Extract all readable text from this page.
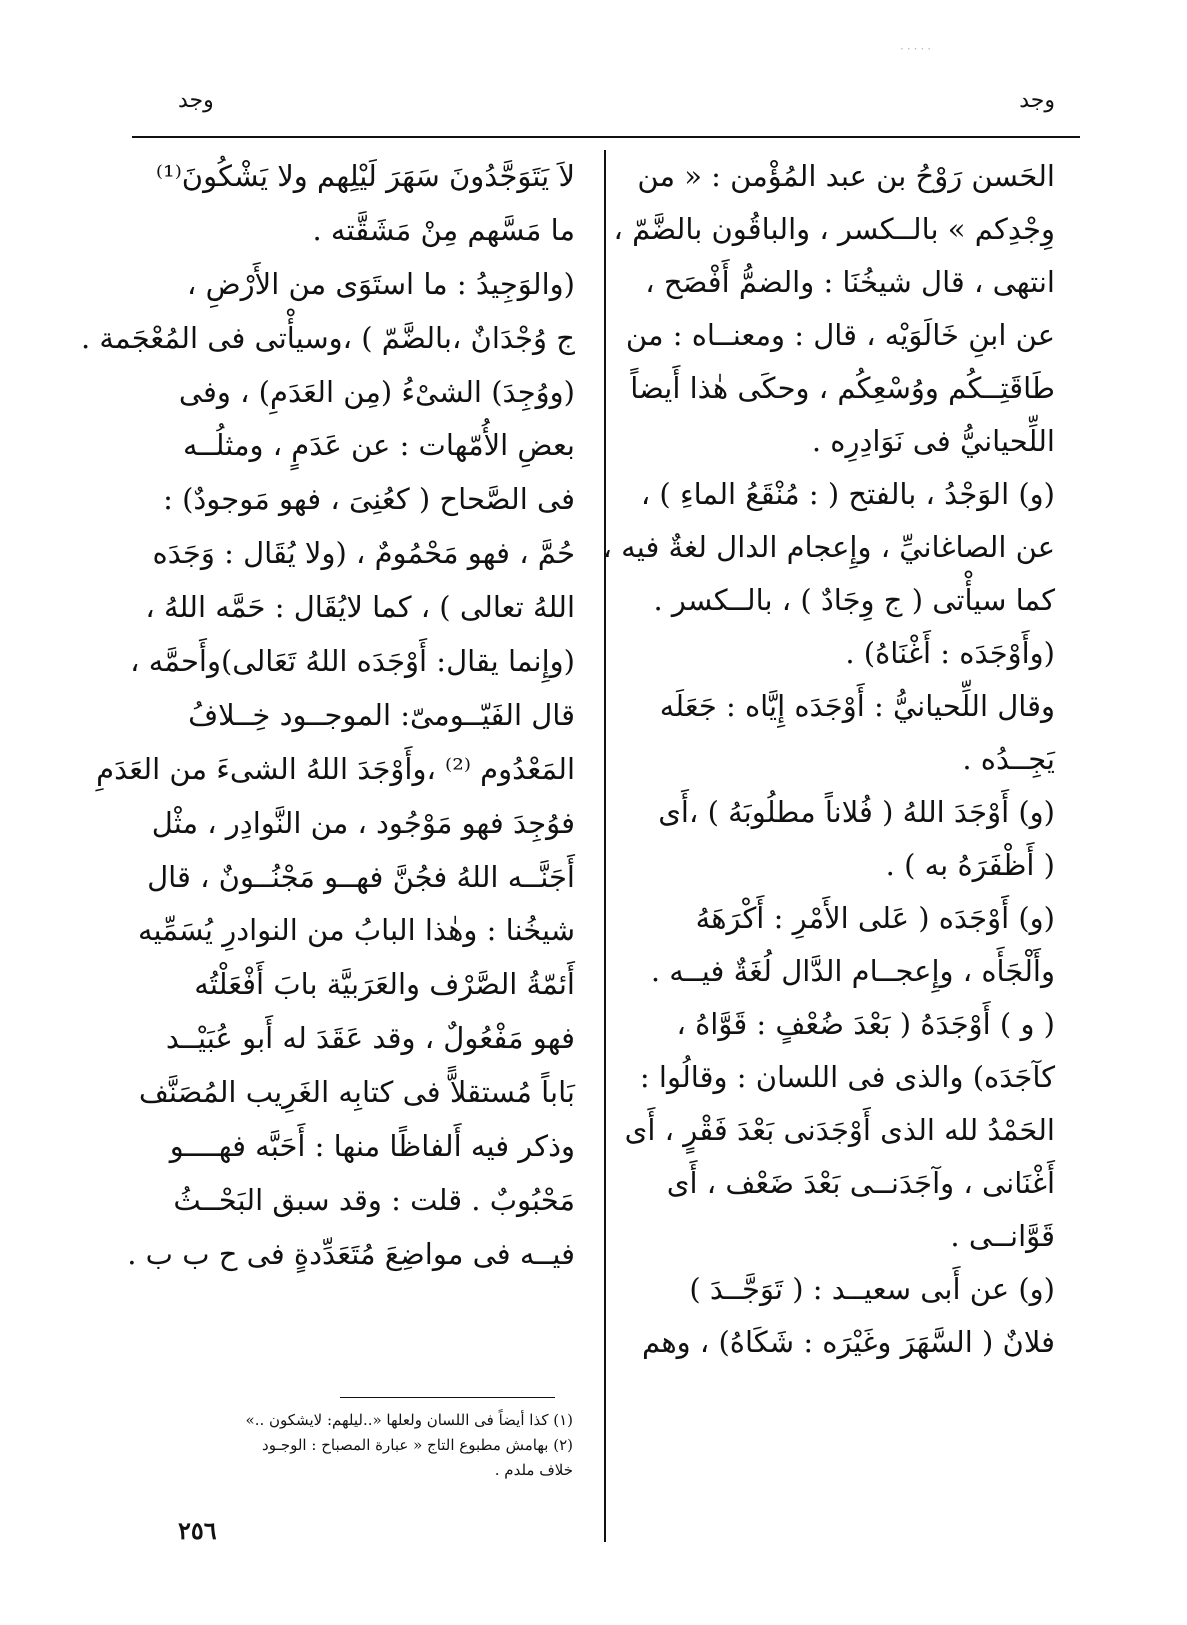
·····
وجد
وجد
الحَسن رَوْحُ بن عبد المُؤْمن : « من
وِجْدِكم » بالــكسر ، والباقُون بالضَّمّ ،
انتهى ، قال شيخُنَا : والضمُّ أَفْصَح ،
عن ابنِ خَالَوَيْه ، قال : ومعنــاه : من
طَاقَتِــكُم ووُسْعِكُم ، وحكَى هٰذا أَيضاً
اللِّحيانيُّ فى نَوَادِرِه .
(و) الوَجْدُ ، بالفتح ( : مُنْقَعُ الماءِ ) ،
عن الصاغانيِّ ، وإِعجام الدال لغةٌ فيه ،
كما سيأْتى ( ج وِجَادٌ ) ، بالــكسر .
(وأَوْجَدَه : أَغْنَاهُ) .
وقال اللِّحيانيُّ : أَوْجَدَه إِيَّاه : جَعَلَه
يَجِــدُه .
(و) أَوْجَدَ اللهُ ( فُلاناً مطلُوبَهُ ) ،أَى
( أَظْفَرَهُ به ) .
(و) أَوْجَدَه ( عَلى الأَمْرِ : أَكْرَهَهُ
وأَلْجَأَه ، وإِعجــام الدَّال لُغَةٌ فيــه .
( و ) أَوْجَدَهُ ( بَعْدَ ضُعْفٍ : قَوَّاهُ ،
كآجَدَه) والذى فى اللسان : وقالُوا :
الحَمْدُ لله الذى أَوْجَدَنى بَعْدَ فَقْرٍ ، أَى
أَغْنَانى ، وآجَدَنــى بَعْدَ ضَعْف ، أَى
قَوَّانــى .
(و) عن أَبى سعيــد : ( تَوَجَّــدَ )
فلانٌ ( السَّهَرَ وغَيْرَه : شَكَاهُ) ، وهم
لاَ يَتَوَجَّدُونَ سَهَرَ لَيْلِهم ولا يَشْكُونَ⁽¹⁾
ما مَسَّهم مِنْ مَشَقَّته .
(والوَجِيدُ : ما استَوَى من الأَرْضِ ،
ج وُجْدَانٌ ،بالضَّمّ ) ،وسيأْتى فى المُعْجَمة .
(ووُجِدَ) الشىْءُ (مِن العَدَمِ) ، وفى
بعضِ الأُمّهات : عن عَدَمٍ ، ومثلُــه
فى الصَّحاح ( كعُنِىَ ، فهو مَوجودٌ) :
حُمَّ ، فهو مَحْمُومٌ ، (ولا يُقَال : وَجَدَه
اللهُ تعالى ) ، كما لايُقَال : حَمَّه اللهُ ،
(وإِنما يقال: أَوْجَدَه اللهُ تَعَالى)وأَحمَّه ،
قال الفَيّــومىّ: الموجــود خِــلافُ
المَعْدُوم ⁽²⁾ ،وأَوْجَدَ اللهُ الشىءَ من العَدَمِ
فوُجِدَ فهو مَوْجُود ، من النَّوادِر ، مثْل
أَجَنَّــه اللهُ فجُنَّ فهــو مَجْنُــونٌ ، قال
شيخُنا : وهٰذا البابُ من النوادرِ يُسَمِّيه
أَئمّةُ الصَّرْف والعَرَبيَّة بابَ أَفْعَلْتُه
فهو مَفْعُولٌ ، وقد عَقَدَ له أَبو عُبَيْــد
بَاباً مُستقلاًّ فى كتابِه الغَرِيب المُصَنَّف
وذكر فيه أَلفاظًا منها : أَحَبَّه فهــــو
مَحْبُوبٌ . قلت : وقد سبق البَحْــثُ
فيــه فى مواضِعَ مُتَعَدِّدةٍ فى ح ب ب .
(١) كذا أيضاً فى اللسان ولعلها «..ليلهم: لايشكون ..»
(٢) بهامش مطبوع التاج « عبارة المصباح : الوجـود
خلاف ملدم .
٢٥٦
